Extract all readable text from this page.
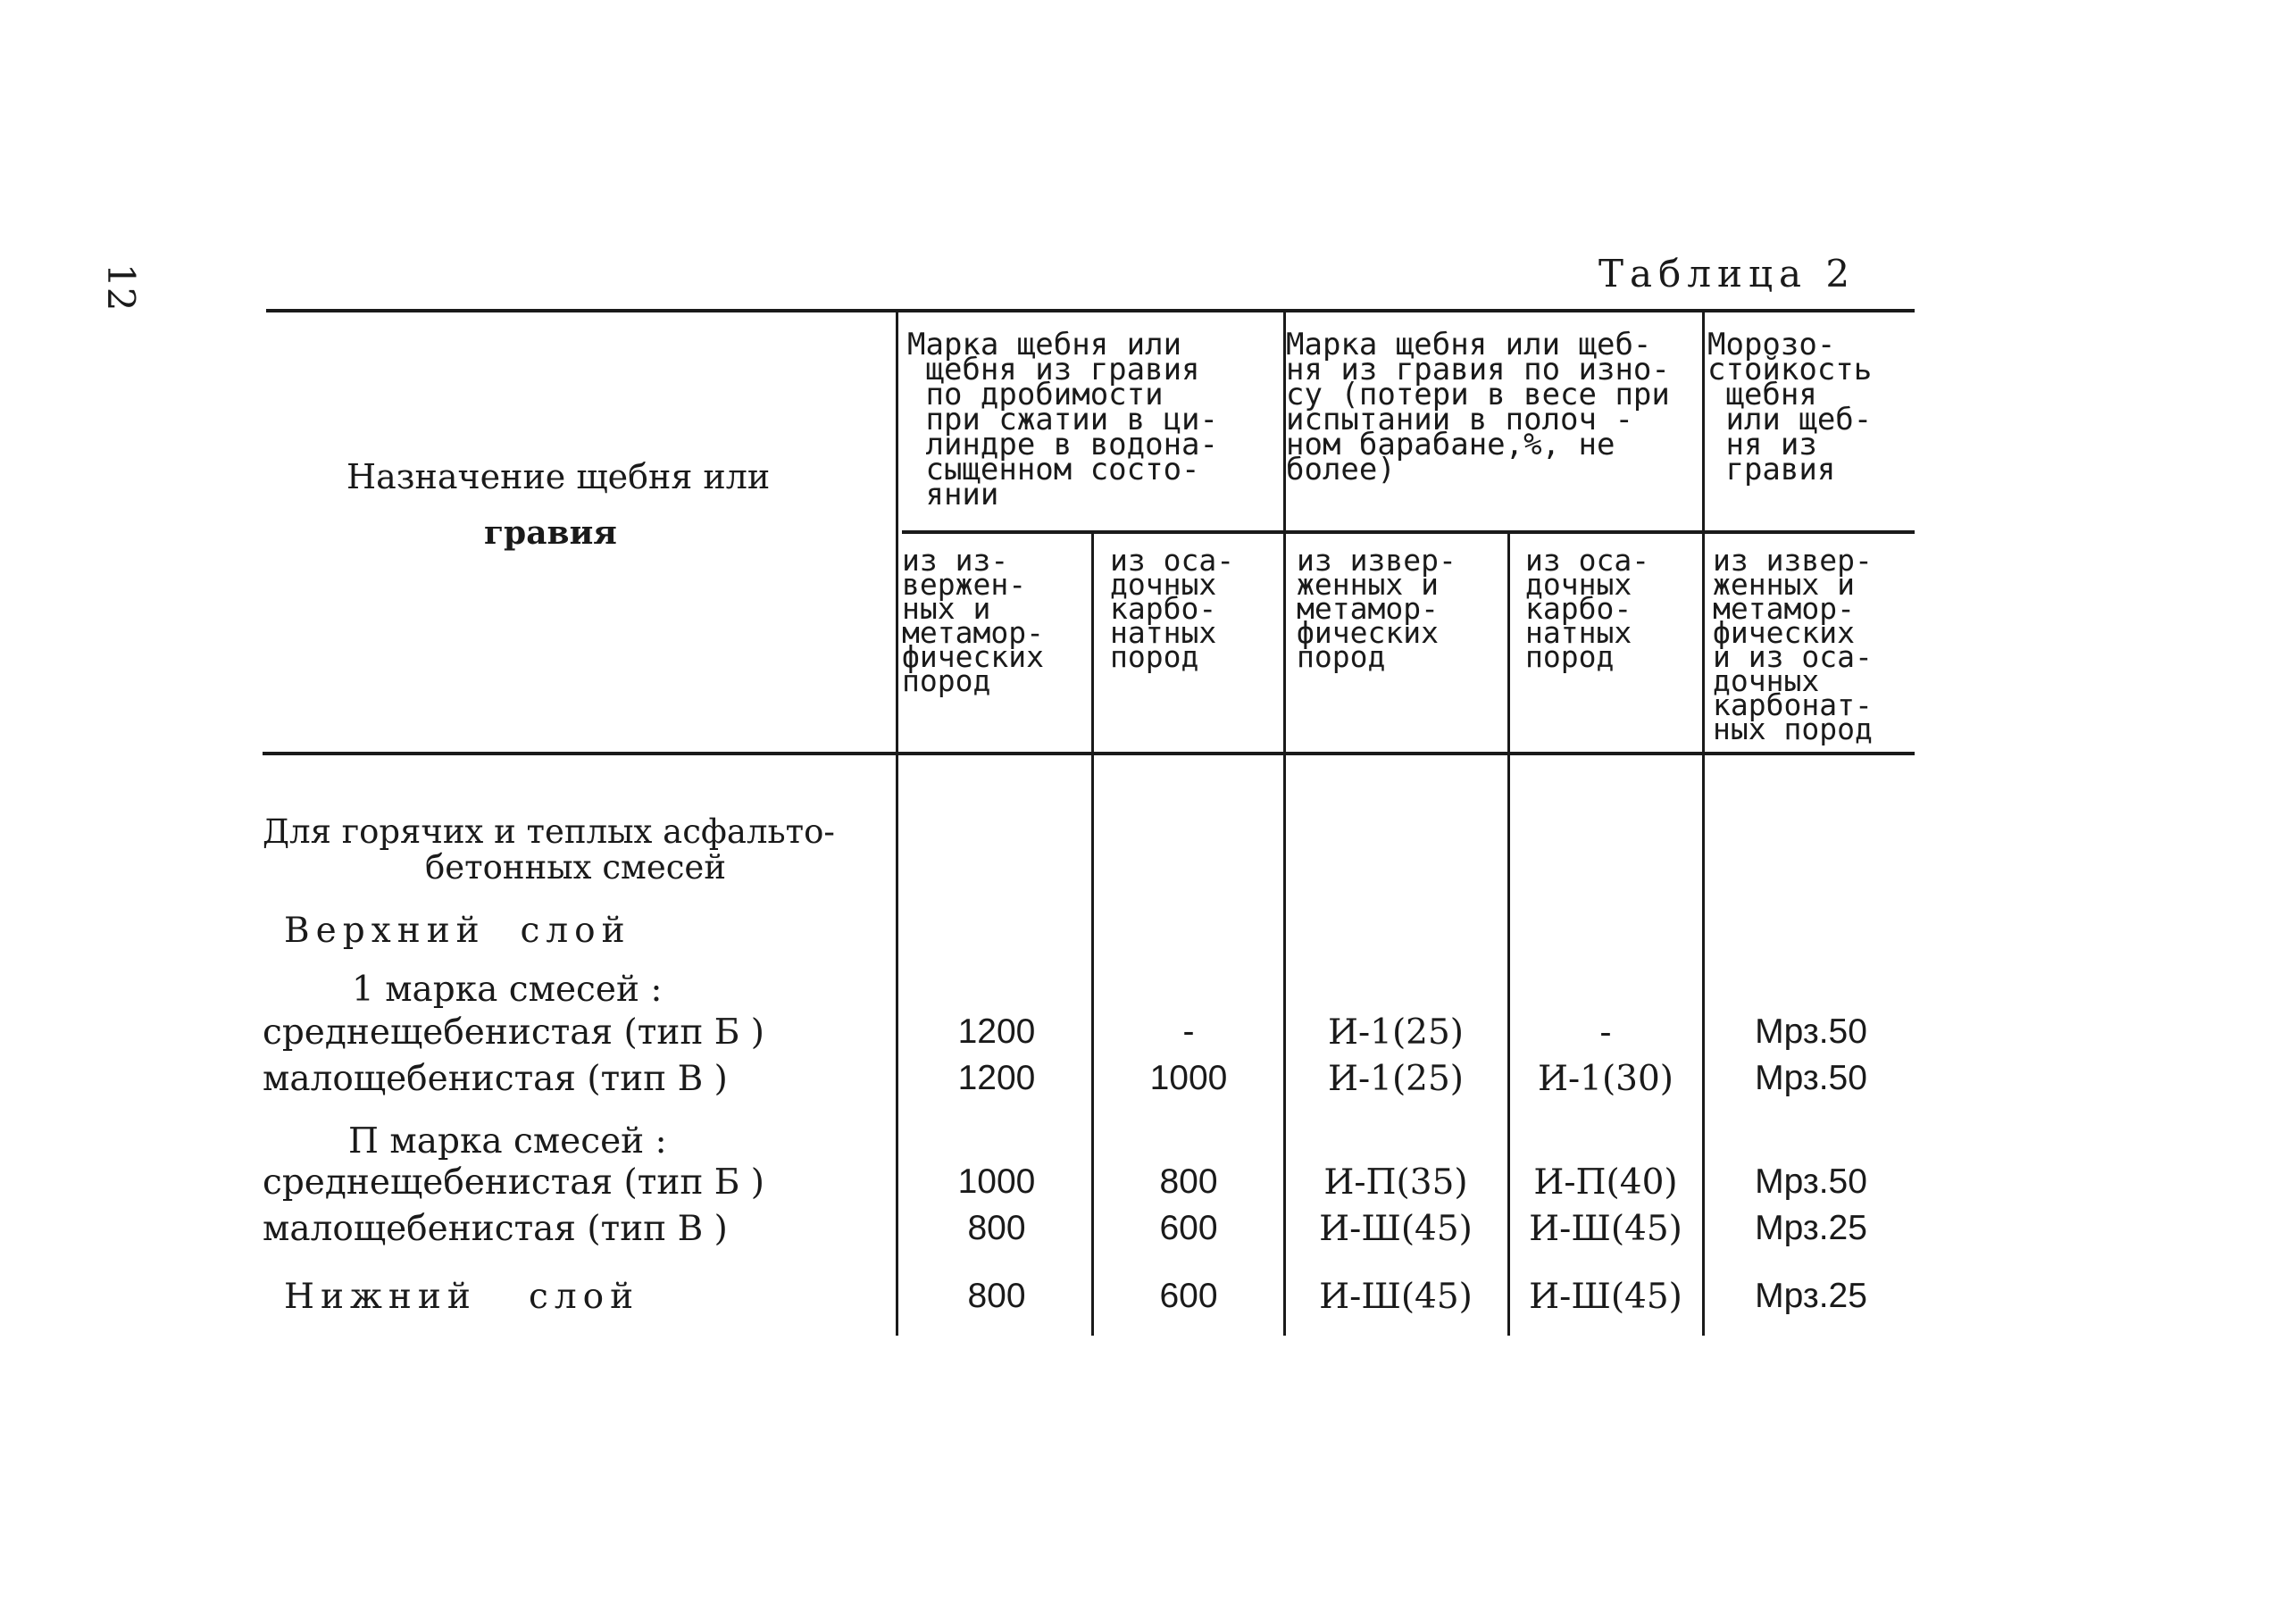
12	Таблица 2
Назначение щебня или
гравия
Марка щебня или
щебня из гравия
по дробимости
при сжатии в ци-
линдре в водона-
сыщенном состо-
янии
Марка щебня или щеб-
ня из гравия по изно-
су (потери в весе при
испытании в полоч -
ном барабане,%, не
более)
Морозо-
стойкость
щебня
или щеб-
ня из
гравия
из из-
вержен-
ных и
метамор-
фических
пород
из оса-
дочных
карбо-
натных
пород
из извер-
женных и
метамор-
фических
пород
из оса-
дочных
карбо-
натных
пород
из извер-
женных и
метамор-
фических
и из оса-
дочных
карбонат-
ных пород
Для горячих и теплых асфальто-
бетонных смесей
Верхний  слой
1 марка смесей :
П марка смесей :
среднещебенистая (тип Б )	1200	-	И-1(25)	-	Мрз.50
малощебенистая (тип В )	1200	1000	И-1(25)	И-1(30)	Мрз.50
среднещебенистая (тип Б )	1000	800	И-П(35)	И-П(40)	Мрз.50
малощебенистая (тип В )	800	600	И-Ш(45)	И-Ш(45)	Мрз.25
Нижний   слой	800	600	И-Ш(45)	И-Ш(45)	Мрз.25
